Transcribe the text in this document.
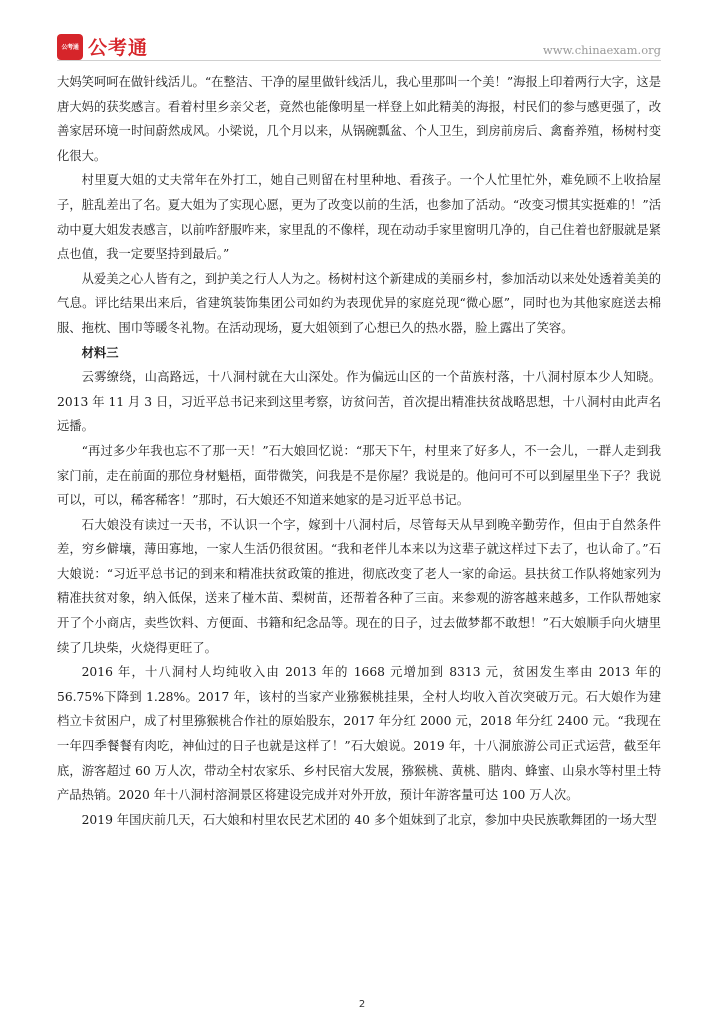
公考通 公考通	www.chinaexam.org

大妈笑呵呵在做针线活儿。“在整洁、干净的屋里做针线活儿，我心里那叫一个美！”海报上印着两行大字，这是唐大妈的获奖感言。看着村里乡亲父老，竟然也能像明星一样登上如此精美的海报，村民们的参与感更强了，改善家居环境一时间蔚然成风。小梁说，几个月以来，从锅碗瓢盆、个人卫生，到房前房后、禽畜养殖，杨树村变化很大。

村里夏大姐的丈夫常年在外打工，她自己则留在村里种地、看孩子。一个人忙里忙外，难免顾不上收拾屋子，脏乱差出了名。夏大姐为了实现心愿，更为了改变以前的生活，也参加了活动。“改变习惯其实挺难的！”活动中夏大姐发表感言，以前咋舒服咋来，家里乱的不像样，现在动动手家里窗明几净的，自己住着也舒服就是紧点也值，我一定要坚持到最后。”

从爱美之心人皆有之，到护美之行人人为之。杨树村这个新建成的美丽乡村，参加活动以来处处透着美美的气息。评比结果出来后，省建筑装饰集团公司如约为表现优异的家庭兑现“微心愿”，同时也为其他家庭送去棉服、拖枕、围巾等暖冬礼物。在活动现场，夏大姐领到了心想已久的热水器，脸上露出了笑容。

材料三

云雾缭绕，山高路远，十八洞村就在大山深处。作为偏远山区的一个苗族村落，十八洞村原本少人知晓。2013 年 11 月 3 日，习近平总书记来到这里考察，访贫问苦，首次提出精准扶贫战略思想，十八洞村由此声名远播。

“再过多少年我也忘不了那一天！”石大娘回忆说：“那天下午，村里来了好多人，不一会儿，一群人走到我家门前，走在前面的那位身材魁梧，面带微笑，问我是不是你屋？我说是的。他问可不可以到屋里坐下子？我说可以，可以，稀客稀客！”那时，石大娘还不知道来她家的是习近平总书记。

石大娘没有读过一天书，不认识一个字，嫁到十八洞村后，尽管每天从早到晚辛勤劳作，但由于自然条件差，穷乡僻壤，薄田寡地，一家人生活仍很贫困。“我和老伴儿本来以为这辈子就这样过下去了，也认命了。”石大娘说：“习近平总书记的到来和精准扶贫政策的推进，彻底改变了老人一家的命运。县扶贫工作队将她家列为精准扶贫对象，纳入低保，送来了椪木苗、梨树苗，还帮着各种了三亩。来参观的游客越来越多，工作队帮她家开了个小商店，卖些饮料、方便面、书籍和纪念品等。现在的日子，过去做梦都不敢想！”石大娘顺手向火塘里续了几块柴，火烧得更旺了。

2016 年，十八洞村人均纯收入由 2013 年的 1668 元增加到 8313 元，贫困发生率由 2013 年的 56.75%下降到 1.28%。2017 年，该村的当家产业猕猴桃挂果，全村人均收入首次突破万元。石大娘作为建档立卡贫困户，成了村里猕猴桃合作社的原始股东，2017 年分红 2000 元，2018 年分红 2400 元。“我现在一年四季餐餐有肉吃，神仙过的日子也就是这样了！”石大娘说。2019 年，十八洞旅游公司正式运营，截至年底，游客超过 60 万人次，带动全村农家乐、乡村民宿大发展，猕猴桃、黄桃、腊肉、蜂蜜、山泉水等村里土特产品热销。2020 年十八洞村溶洞景区将建设完成并对外开放，预计年游客量可达 100 万人次。

2019 年国庆前几天，石大娘和村里农民艺术团的 40 多个姐妹到了北京，参加中央民族歌舞团的一场大型

2
